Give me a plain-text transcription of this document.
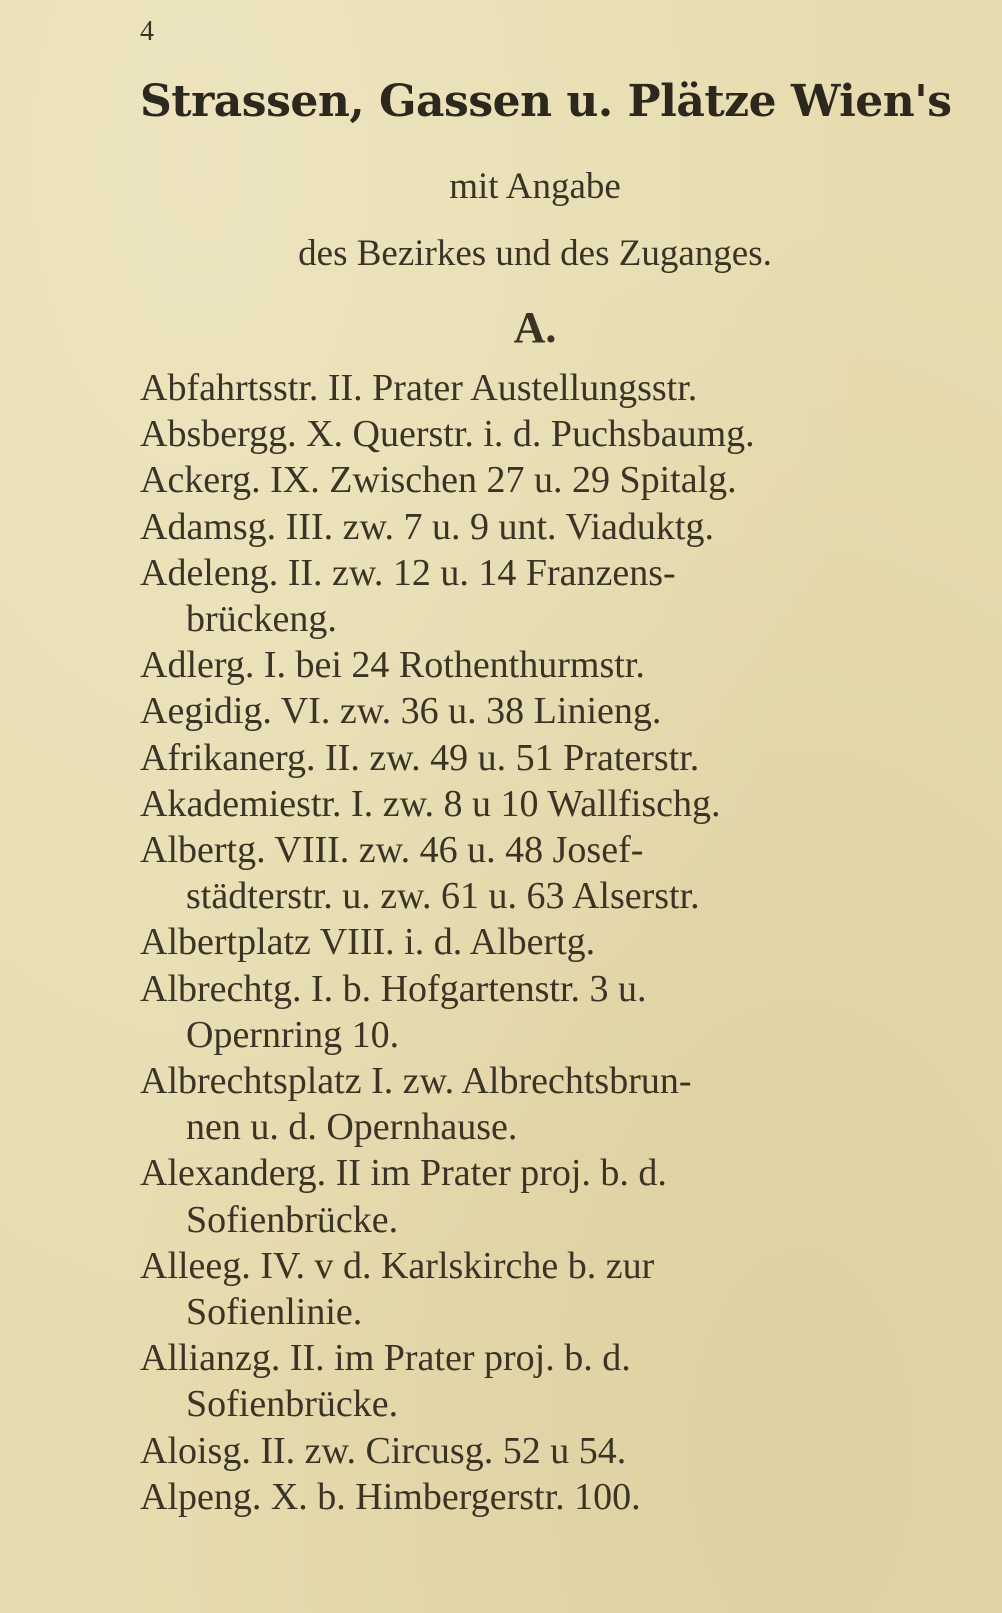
4
Strassen, Gassen u. Plätze Wien's
mit Angabe
des Bezirkes und des Zuganges.
A.
Abfahrtsstr. II. Prater Austellungsstr.
Absbergg. X. Querstr. i. d. Puchsbaumg.
Ackerg. IX. Zwischen 27 u. 29 Spitalg.
Adamsg. III. zw. 7 u. 9 unt. Viaduktg.
Adeleng. II. zw. 12 u. 14 Franzens-
brückeng.
Adlerg. I. bei 24 Rothenthurmstr.
Aegidig. VI. zw. 36 u. 38 Linieng.
Afrikanerg. II. zw. 49 u. 51 Praterstr.
Akademiestr. I. zw. 8 u 10 Wallfischg.
Albertg. VIII. zw. 46 u. 48 Josef-
städterstr. u. zw. 61 u. 63 Alserstr.
Albertplatz VIII. i. d. Albertg.
Albrechtg. I. b. Hofgartenstr. 3 u.
Opernring 10.
Albrechtsplatz I. zw. Albrechtsbrun-
nen u. d. Opernhause.
Alexanderg. II im Prater proj. b. d.
Sofienbrücke.
Alleeg. IV. v d. Karlskirche b. zur
Sofienlinie.
Allianzg. II. im Prater proj. b. d.
Sofienbrücke.
Aloisg. II. zw. Circusg. 52 u 54.
Alpeng. X. b. Himbergerstr. 100.
